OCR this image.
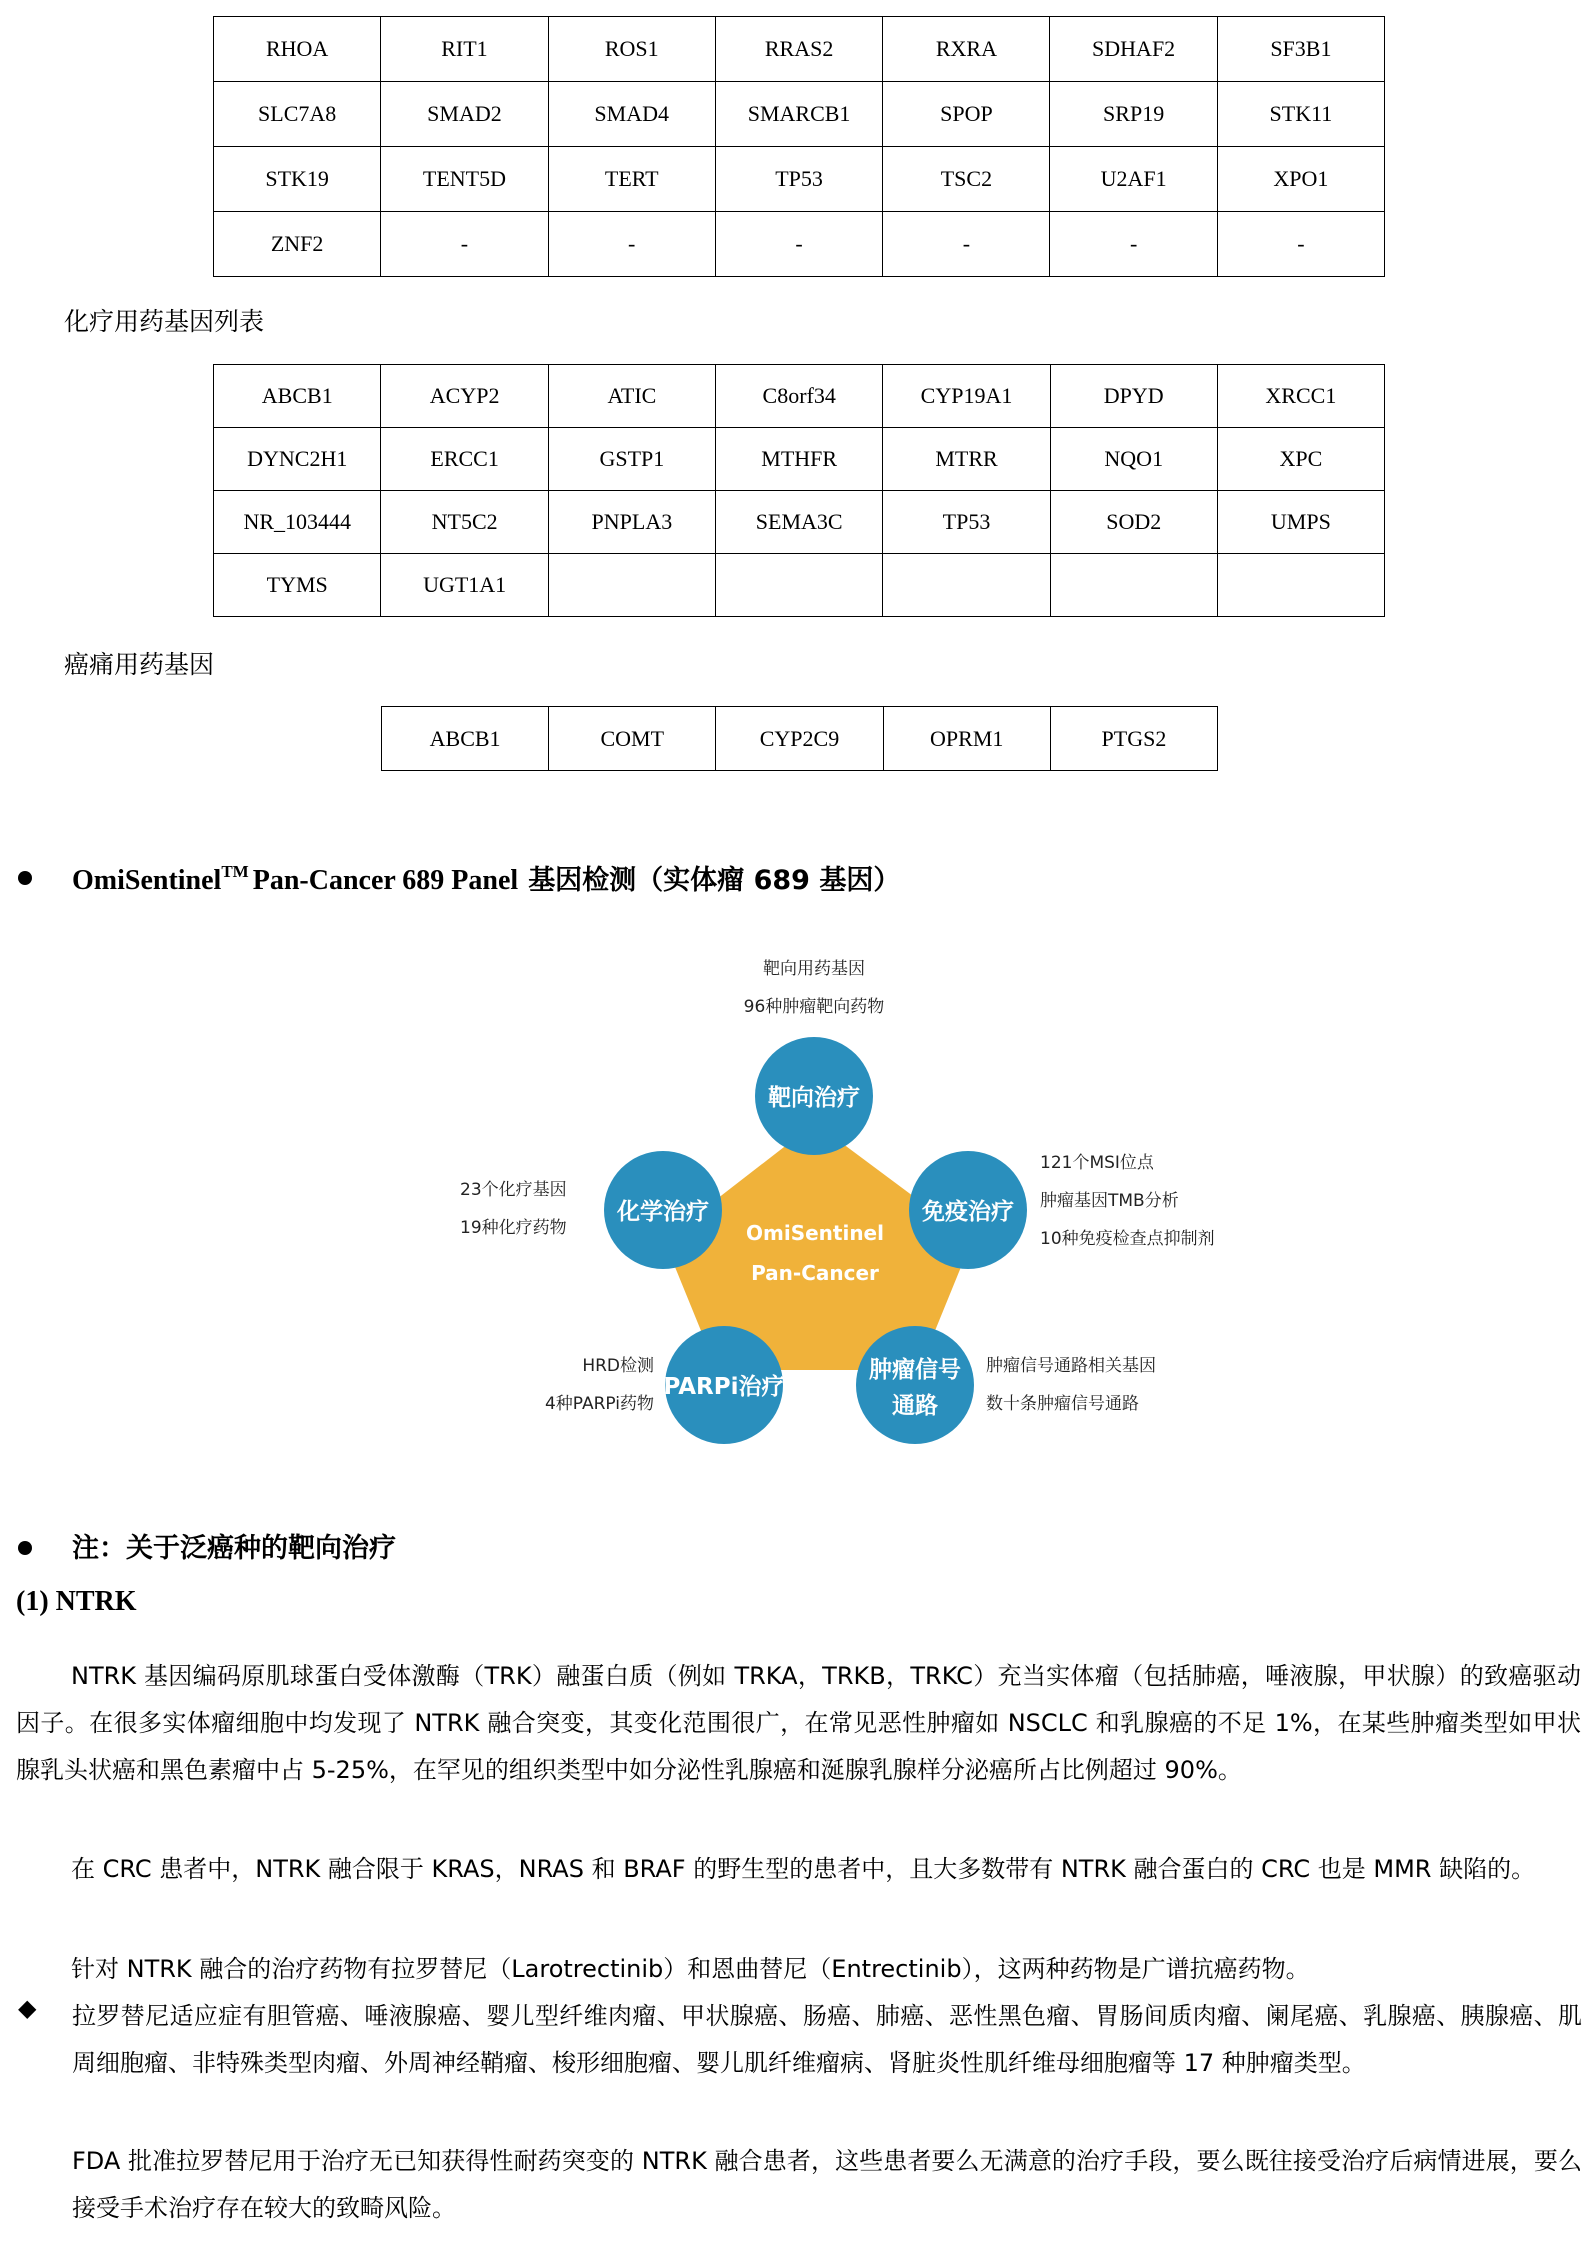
RHOA	RIT1	ROS1	RRAS2	RXRA	SDHAF2	SF3B1
SLC7A8	SMAD2	SMAD4	SMARCB1	SPOP	SRP19	STK11
STK19	TENT5D	TERT	TP53	TSC2	U2AF1	XPO1
ZNF2	-	-	-	-	-	-
化疗用药基因列表
ABCB1	ACYP2	ATIC	C8orf34	CYP19A1	DPYD	XRCC1
DYNC2H1	ERCC1	GSTP1	MTHFR	MTRR	NQO1	XPC
NR_103444	NT5C2	PNPLA3	SEMA3C	TP53	SOD2	UMPS
TYMS	UGT1A1					
癌痛用药基因
ABCB1	COMT	CYP2C9	OPRM1	PTGS2
OmiSentinel™ Pan-Cancer 689 Panel 基因检测（实体瘤 689 基因）
OmiSentinel
Pan-Cancer
靶向治疗
化学治疗	免疫治疗
PARPi治疗
肿瘤信号
通路
靶向用药基因
96种肿瘤靶向药物
23个化疗基因
19种化疗药物
121个MSI位点
肿瘤基因TMB分析
10种免疫检查点抑制剂
HRD检测
4种PARPi药物
肿瘤信号通路相关基因
数十条肿瘤信号通路
注：关于泛癌种的靶向治疗
(1) NTRK

NTRK 基因编码原肌球蛋白受体激酶（TRK）融蛋白质（例如 TRKA，TRKB，TRKC）充当实体瘤（包括肺癌，唾液腺，甲状腺）的致癌驱动因子。在很多实体瘤细胞中均发现了 NTRK 融合突变，其变化范围很广，在常见恶性肿瘤如 NSCLC 和乳腺癌的不足 1%，在某些肿瘤类型如甲状腺乳头状癌和黑色素瘤中占 5-25%，在罕见的组织类型中如分泌性乳腺癌和涎腺乳腺样分泌癌所占比例超过 90%。

在 CRC 患者中，NTRK 融合限于 KRAS，NRAS 和 BRAF 的野生型的患者中，且大多数带有 NTRK 融合蛋白的 CRC 也是 MMR 缺陷的。

针对 NTRK 融合的治疗药物有拉罗替尼（Larotrectinib）和恩曲替尼（Entrectinib），这两种药物是广谱抗癌药物。

◆ 拉罗替尼适应症有胆管癌、唾液腺癌、婴儿型纤维肉瘤、甲状腺癌、肠癌、肺癌、恶性黑色瘤、胃肠间质肉瘤、阑尾癌、乳腺癌、胰腺癌、肌周细胞瘤、非特殊类型肉瘤、外周神经鞘瘤、梭形细胞瘤、婴儿肌纤维瘤病、肾脏炎性肌纤维母细胞瘤等 17 种肿瘤类型。

FDA 批准拉罗替尼用于治疗无已知获得性耐药突变的 NTRK 融合患者，这些患者要么无满意的治疗手段，要么既往接受治疗后病情进展，要么接受手术治疗存在较大的致畸风险。
